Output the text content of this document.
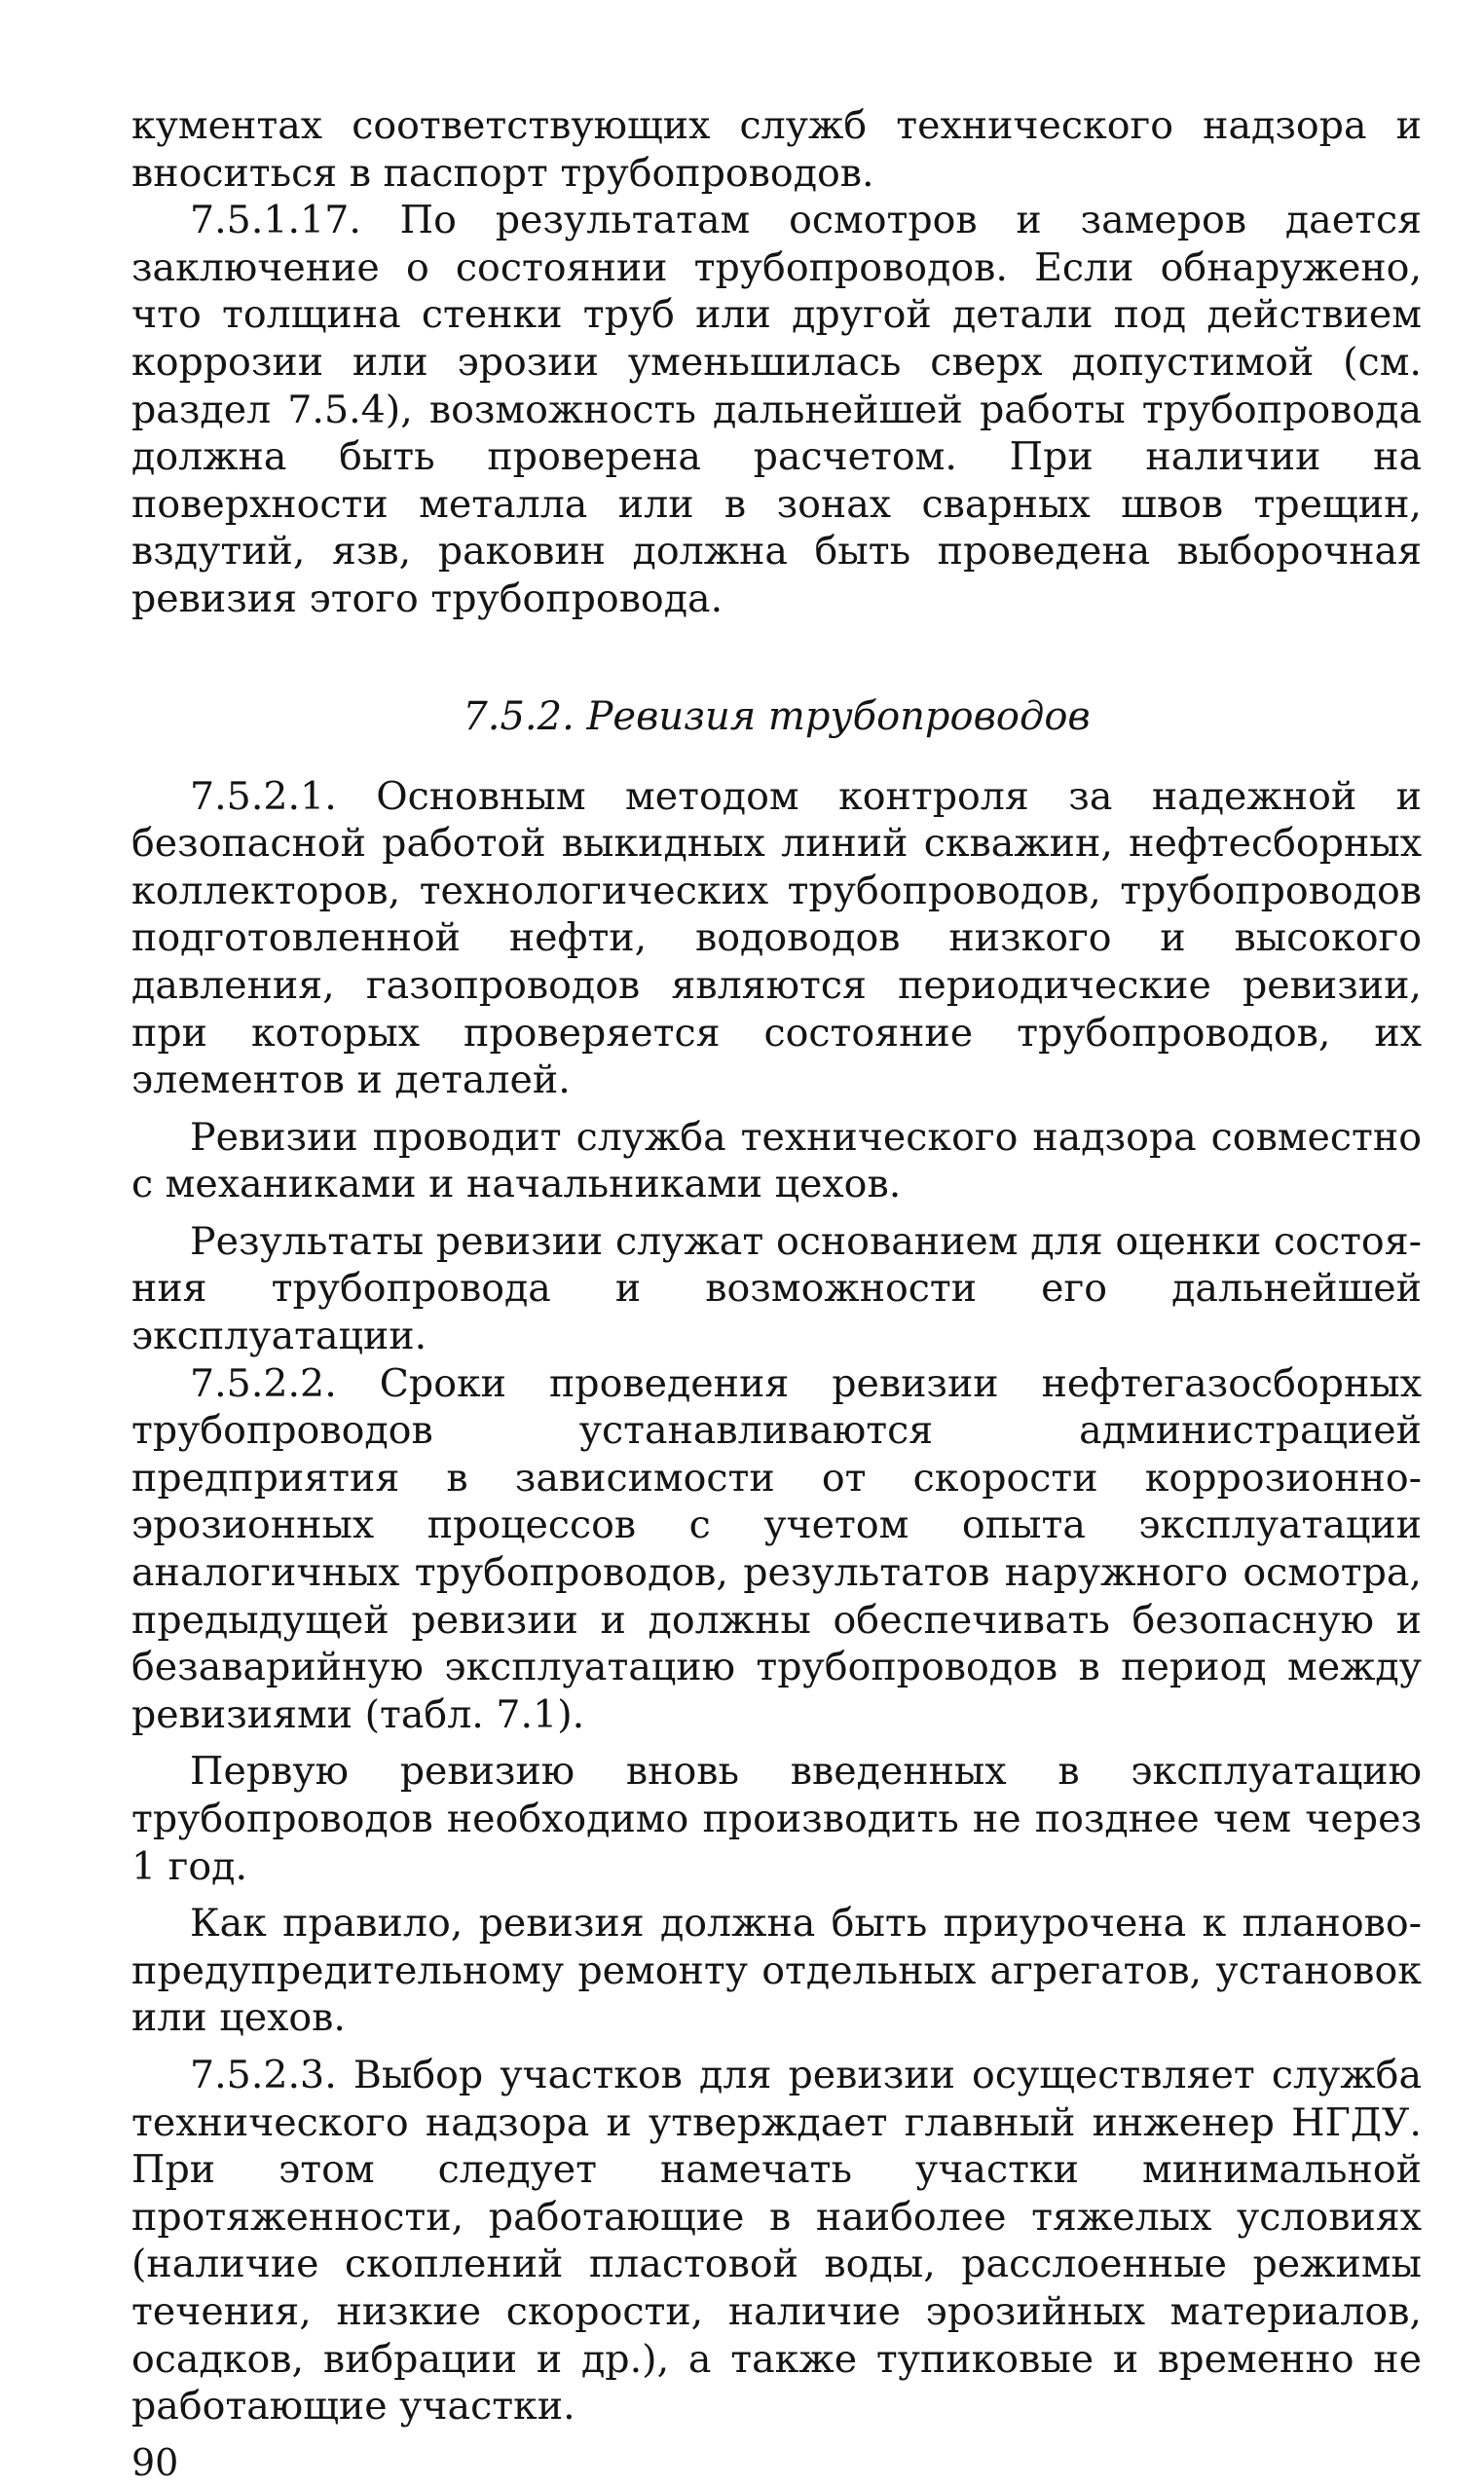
кументах соответствующих служб технического надзора и вноситься в паспорт трубопроводов.

7.5.1.17. По результатам осмотров и замеров дается заключение о состоянии трубопроводов. Если обнаружено, что толщина стенки труб или другой детали под действием коррозии или эрозии уменьшилась сверх допустимой (см. раздел 7.5.4), возможность дальнейшей работы трубопровода должна быть проверена расчетом. При наличии на поверхности металла или в зонах сварных швов трещин, вздутий, язв, раковин должна быть проведена выборочная ревизия этого трубопровода.

7.5.2. Ревизия трубопроводов

7.5.2.1. Основным методом контроля за надежной и безопасной работой выкидных линий скважин, нефтесборных коллекторов, технологических трубопроводов, трубопроводов подготовленной нефти, водоводов низкого и высокого давления, газопроводов являются периодические ревизии, при которых проверяется состояние трубопроводов, их элементов и деталей.

Ревизии проводит служба технического надзора совместно с механиками и начальниками цехов.

Результаты ревизии служат основанием для оценки состояния трубопровода и возможности его дальнейшей эксплуатации.

7.5.2.2. Сроки проведения ревизии нефтегазосборных трубопроводов устанавливаются администрацией предприятия в зависимости от скорости коррозионно-эрозионных процессов с учетом опыта эксплуатации аналогичных трубопроводов, результатов наружного осмотра, предыдущей ревизии и должны обеспечивать безопасную и безаварийную эксплуатацию трубопроводов в период между ревизиями (табл. 7.1).

Первую ревизию вновь введенных в эксплуатацию трубопроводов необходимо производить не позднее чем через 1 год.

Как правило, ревизия должна быть приурочена к плановопредупредительному ремонту отдельных агрегатов, установок или цехов.

7.5.2.3. Выбор участков для ревизии осуществляет служба технического надзора и утверждает главный инженер НГДУ. При этом следует намечать участки минимальной протяженности, работающие в наиболее тяжелых условиях (наличие скоплений пластовой воды, расслоенные режимы течения, низкие скорости, наличие эрозийных материалов, осадков, вибрации и др.), а также тупиковые и временно не работающие участки.

90
